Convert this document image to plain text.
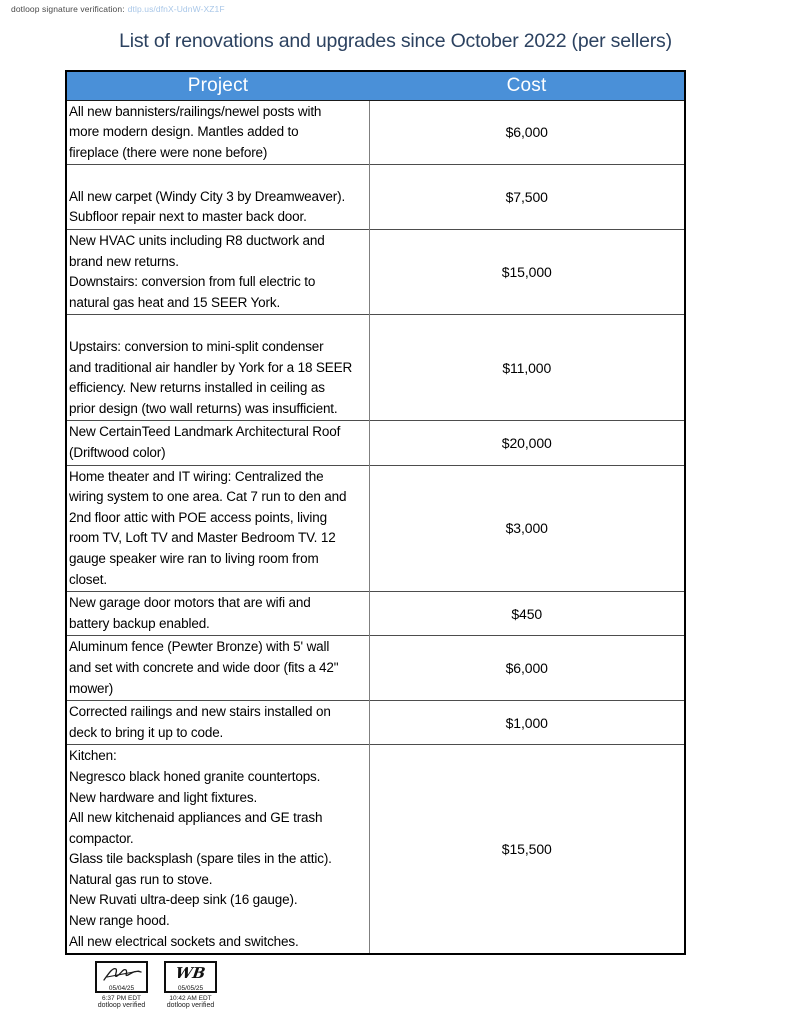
dotloop signature verification: dtlp.us/dfnX-UdnW-XZ1F
List of renovations and upgrades since October 2022 (per sellers)
Project	Cost

All new bannisters/railings/newel posts with
more modern design. Mantles added to
fireplace (there were none before)	$6,000

All new carpet (Windy City 3 by Dreamweaver).
Subfloor repair next to master back door.	$7,500

New HVAC units including R8 ductwork and
brand new returns.
Downstairs: conversion from full electric to
natural gas heat and 15 SEER York.	$15,000

Upstairs: conversion to mini-split condenser
and traditional air handler by York for a 18 SEER
efficiency. New returns installed in ceiling as
prior design (two wall returns) was insufficient.	$11,000

New CertainTeed Landmark Architectural Roof
(Driftwood color)	$20,000

Home theater and IT wiring: Centralized the
wiring system to one area. Cat 7 run to den and
2nd floor attic with POE access points, living
room TV, Loft TV and Master Bedroom TV. 12
gauge speaker wire ran to living room from
closet.
	$3,000

New garage door motors that are wifi and
battery backup enabled.	$450

Aluminum fence (Pewter Bronze) with 5' wall
and set with concrete and wide door (fits a 42"
mower)	$6,000

Corrected railings and new stairs installed on
deck to bring it up to code.	$1,000

Kitchen:
Negresco black honed granite countertops.
New hardware and light fixtures.
All new kitchenaid appliances and GE trash
compactor.
Glass tile backsplash (spare tiles in the attic).
Natural gas run to stove.
New Ruvati ultra-deep sink (16 gauge).
New range hood.
All new electrical sockets and switches.
	$15,500
05/04/25
6:37 PM EDT
dotloop verified
WB
05/05/25
10:42 AM EDT
dotloop verified
